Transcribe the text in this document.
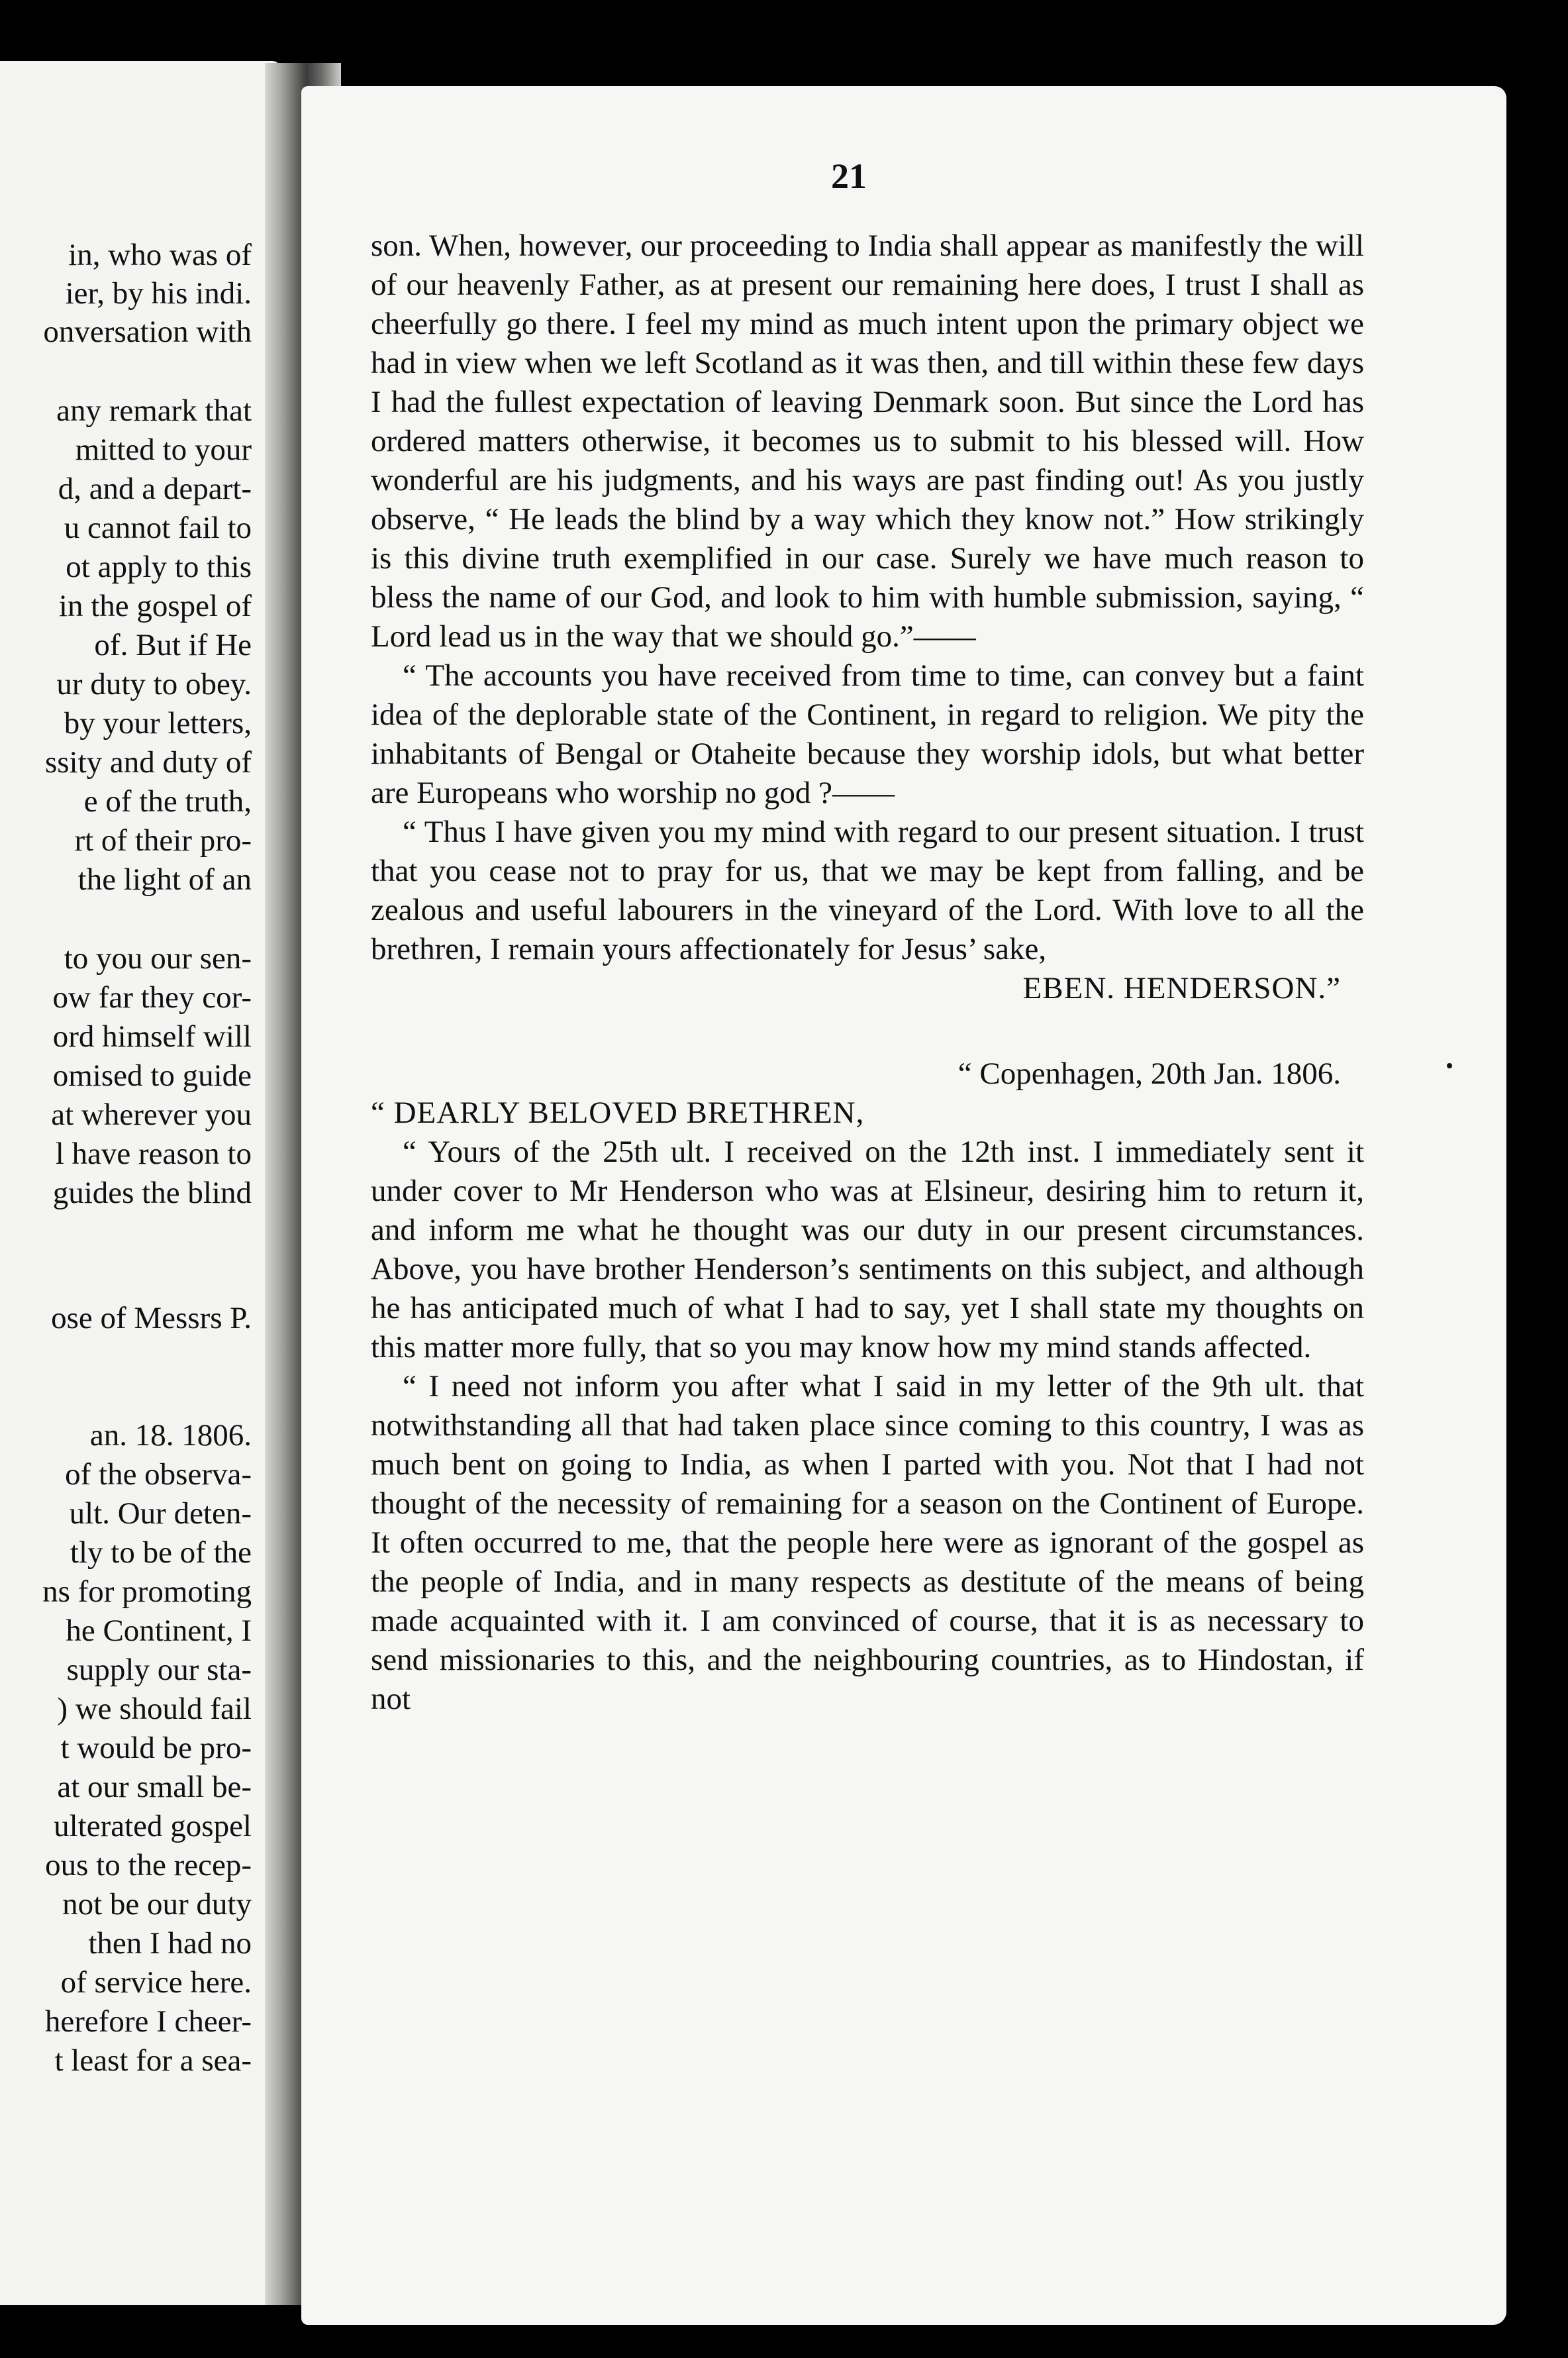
in, who was of
ier, by his indi.
onversation with
any remark that
mitted to your
d, and a depart-
u cannot fail to
ot apply to this
in the gospel of
of. But if He
ur duty to obey.
by your letters,
ssity and duty of
e of the truth,
rt of their pro-
the light of an
to you our sen-
ow far they cor-
ord himself will
omised to guide
at wherever you
l have reason to
guides the blind
ose of Messrs P.
an. 18. 1806.
of the observa-
ult. Our deten-
tly to be of the
ns for promoting
he Continent, I
supply our sta-
) we should fail
t would be pro-
at our small be-
ulterated gospel
ous to the recep-
not be our duty
then I had no
of service here.
herefore I cheer-
t least for a sea-
21

son. When, however, our proceeding to India shall appear as manifestly the will of our heavenly Father, as at present our remaining here does, I trust I shall as cheerfully go there. I feel my mind as much intent upon the primary object we had in view when we left Scotland as it was then, and till within these few days I had the fullest expectation of leaving Denmark soon. But since the Lord has ordered matters otherwise, it becomes us to submit to his blessed will. How wonderful are his judgments, and his ways are past finding out! As you justly observe, “ He leads the blind by a way which they know not.” How strikingly is this divine truth exemplified in our case. Surely we have much reason to bless the name of our God, and look to him with humble submission, saying, “ Lord lead us in the way that we should go.”——

“ The accounts you have received from time to time, can convey but a faint idea of the deplorable state of the Continent, in regard to religion. We pity the inhabitants of Bengal or Otaheite because they worship idols, but what better are Europeans who worship no god ?——

“ Thus I have given you my mind with regard to our present situation. I trust that you cease not to pray for us, that we may be kept from falling, and be zealous and useful labourers in the vineyard of the Lord. With love to all the brethren, I remain yours affectionately for Jesus’ sake,

EBEN. HENDERSON.”

“ Copenhagen, 20th Jan. 1806.

“ DEARLY BELOVED BRETHREN,

“ Yours of the 25th ult. I received on the 12th inst. I immediately sent it under cover to Mr Henderson who was at Elsineur, desiring him to return it, and inform me what he thought was our duty in our present circumstances. Above, you have brother Henderson’s sentiments on this subject, and although he has anticipated much of what I had to say, yet I shall state my thoughts on this matter more fully, that so you may know how my mind stands affected.

“ I need not inform you after what I said in my letter of the 9th ult. that notwithstanding all that had taken place since coming to this country, I was as much bent on going to India, as when I parted with you. Not that I had not thought of the necessity of remaining for a season on the Continent of Europe. It often occurred to me, that the people here were as ignorant of the gospel as the people of India, and in many respects as destitute of the means of being made acquainted with it. I am convinced of course, that it is as necessary to send missionaries to this, and the neighbouring countries, as to Hindostan, if not
